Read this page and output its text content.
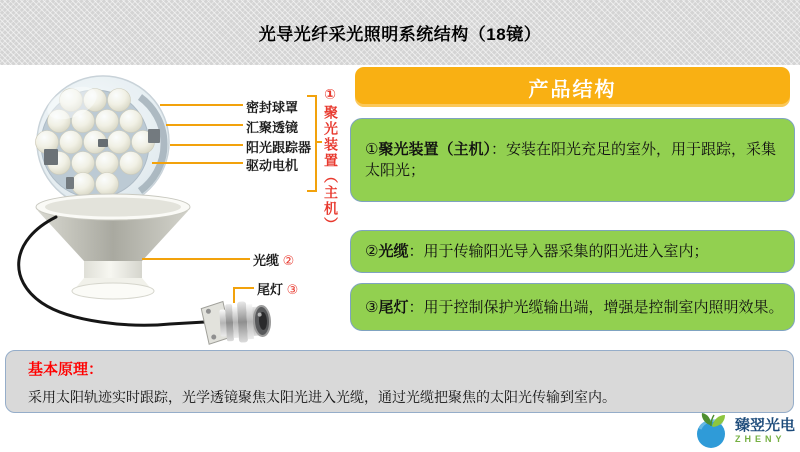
光导光纤采光照明系统结构（18镜）
密封球罩
汇聚透镜
阳光跟踪器
驱动电机
光缆 ②
尾灯 ③
①聚光装置（主机）	产品结构

①聚光装置（主机）：安装在阳光充足的室外，用于跟踪，采集太阳光；

②光缆：用于传输阳光导入器采集的阳光进入室内；

③尾灯：用于控制保护光缆输出端，增强是控制室内照明效果。

基本原理：
采用太阳轨迹实时跟踪，光学透镜聚焦太阳光进入光缆，通过光缆把聚焦的太阳光传输到室内。
臻翌光电
ZHENY
